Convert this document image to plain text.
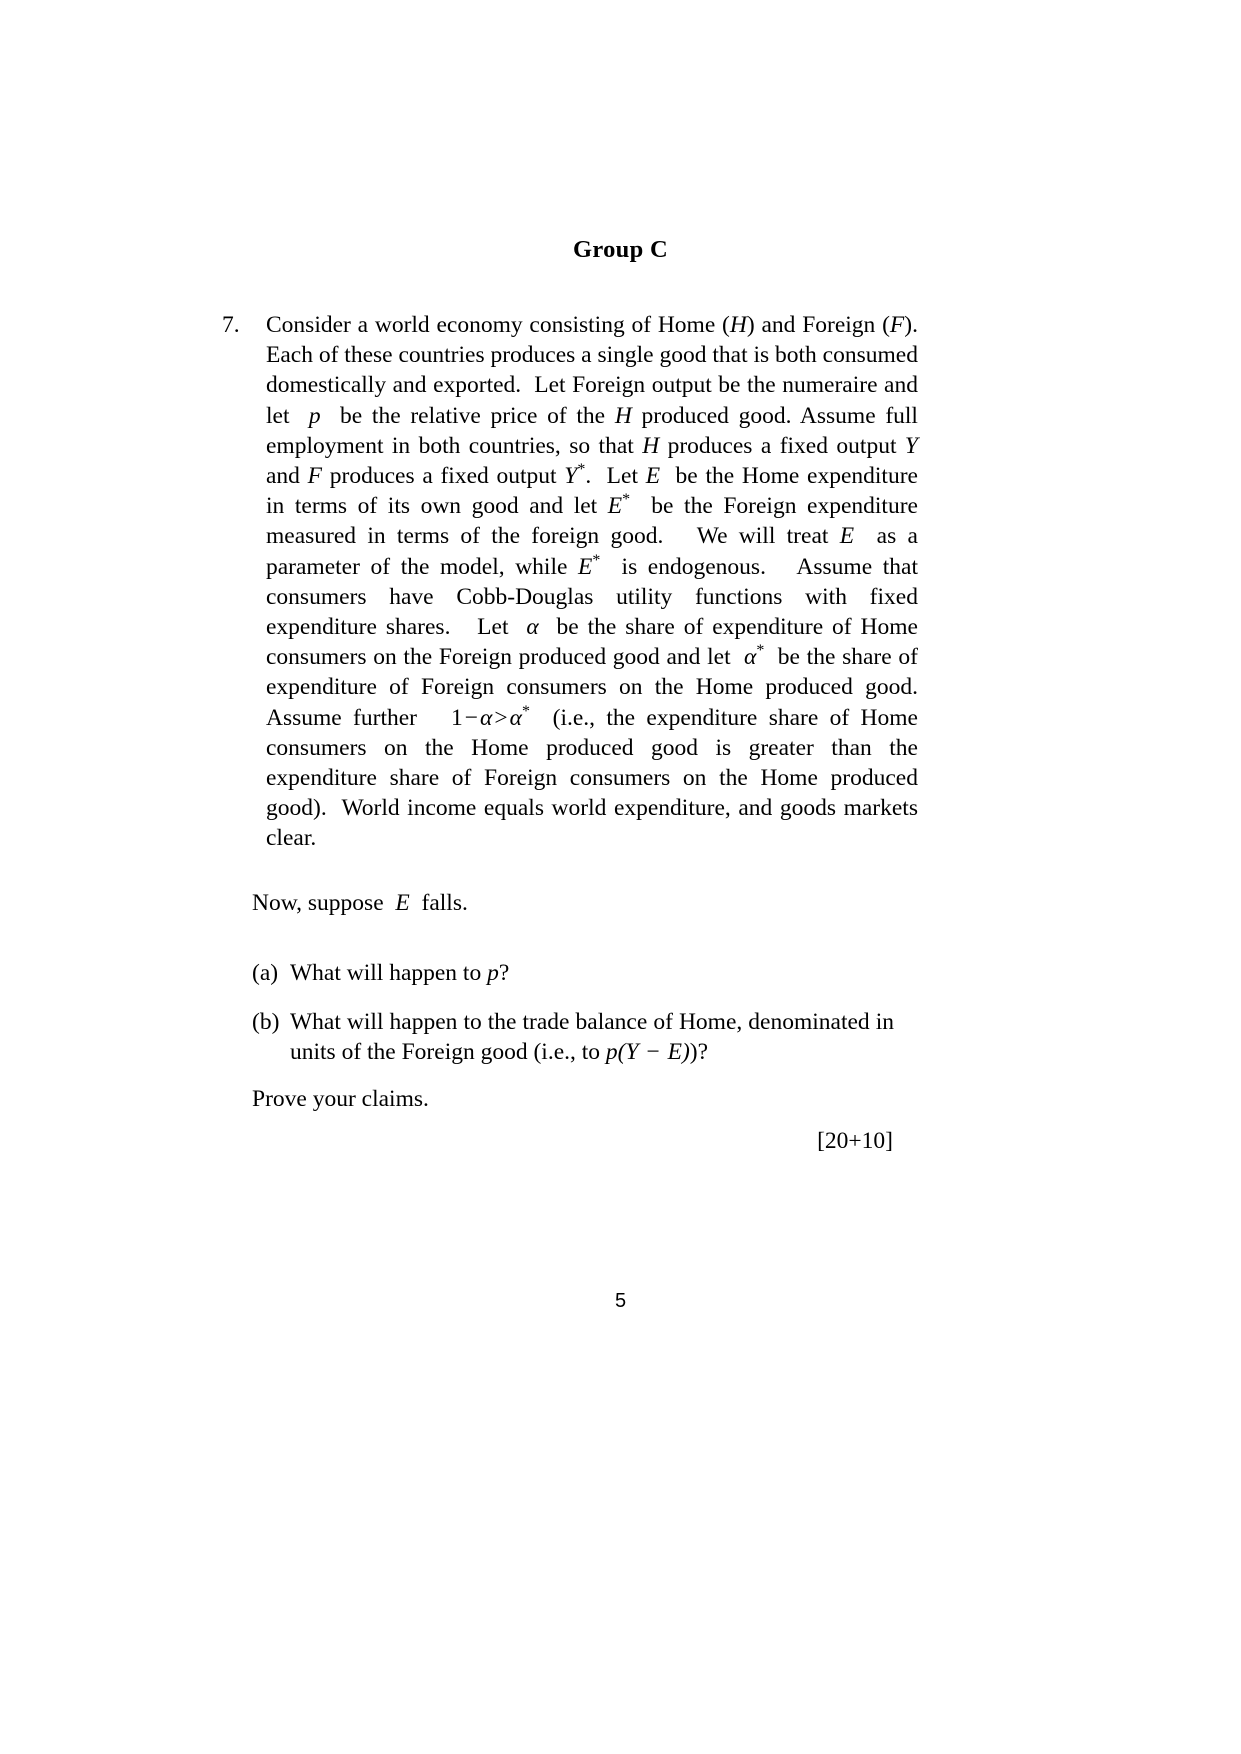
Group C
7.	Consider a world economy consisting of Home (H) and Foreign (F).
Each of these countries produces a single good that is both consumed
domestically and exported.  Let Foreign output be the numeraire and
let  p  be the relative price of the H produced good. Assume full
employment in both countries, so that H produces a fixed output Y
and F produces a fixed output Y*.  Let E  be the Home expenditure
in terms of its own good and let E*  be the Foreign expenditure
measured in terms of the foreign good.   We will treat E  as a
parameter of the model, while E*  is endogenous.   Assume that
consumers have Cobb-Douglas utility functions with fixed
expenditure shares.   Let  α  be the share of expenditure of Home
consumers on the Foreign produced good and let  α*  be the share of
expenditure of Foreign consumers on the Home produced good.
Assume further   1−α>α*  (i.e., the expenditure share of Home
consumers on the Home produced good is greater than the
expenditure share of Foreign consumers on the Home produced
good).  World income equals world expenditure, and goods markets
clear.

Now, suppose  E  falls.
(a) What will happen to p?
(b) What will happen to the trade balance of Home, denominated in
units of the Foreign good (i.e., to p(Y − E))?
Prove your claims.
[20+10]
5
